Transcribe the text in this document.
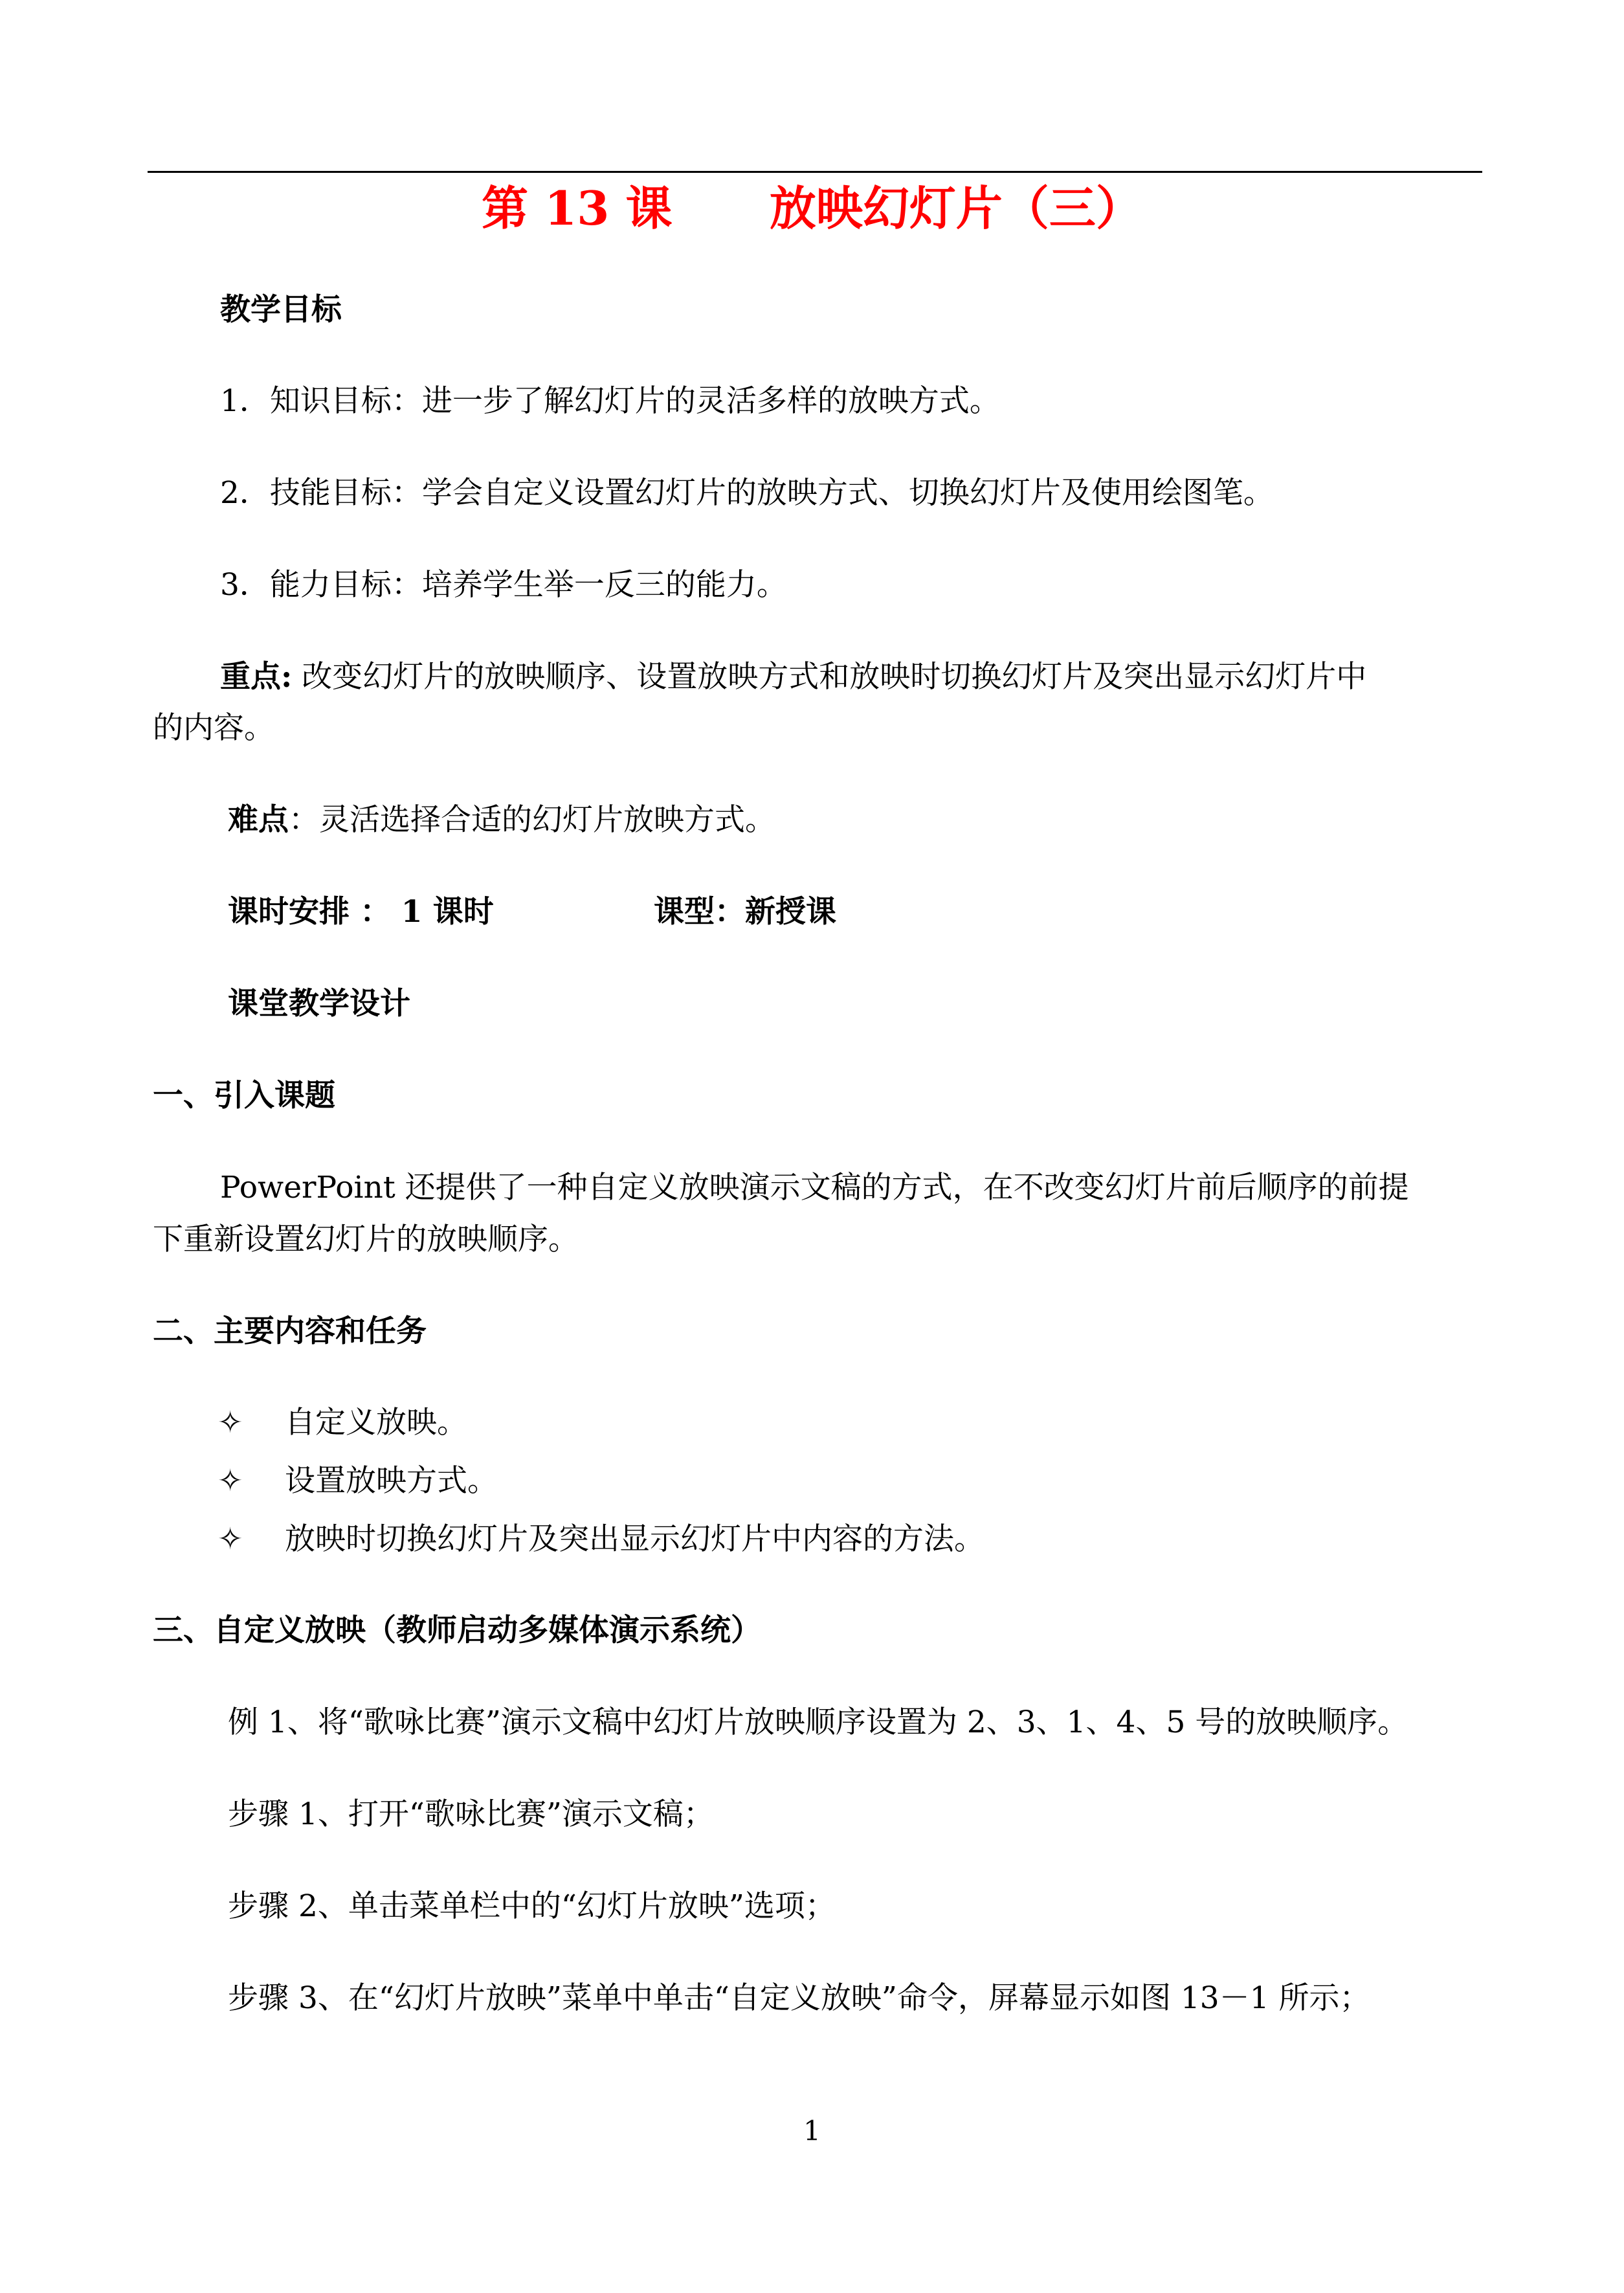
第 13 课 放映幻灯片（三）
教学目标
1．知识目标：进一步了解幻灯片的灵活多样的放映方式。
2．技能目标：学会自定义设置幻灯片的放映方式、切换幻灯片及使用绘图笔。
3．能力目标：培养学生举一反三的能力。
重点: 改变幻灯片的放映顺序、设置放映方式和放映时切换幻灯片及突出显示幻灯片中
的内容。
难点：灵活选择合适的幻灯片放映方式。
课时安排 ： 1 课时	课型：新授课
课堂教学设计
一、引入课题
PowerPoint 还提供了一种自定义放映演示文稿的方式，在不改变幻灯片前后顺序的前提
下重新设置幻灯片的放映顺序。
二、主要内容和任务
✧	自定义放映。
✧	设置放映方式。
✧	放映时切换幻灯片及突出显示幻灯片中内容的方法。
三、自定义放映（教师启动多媒体演示系统）
例 1、将“歌咏比赛”演示文稿中幻灯片放映顺序设置为 2、3、1、4、5 号的放映顺序。
步骤 1、打开“歌咏比赛”演示文稿；
步骤 2、单击菜单栏中的“幻灯片放映”选项；
步骤 3、在“幻灯片放映”菜单中单击“自定义放映”命令，屏幕显示如图 13－1 所示；
1
